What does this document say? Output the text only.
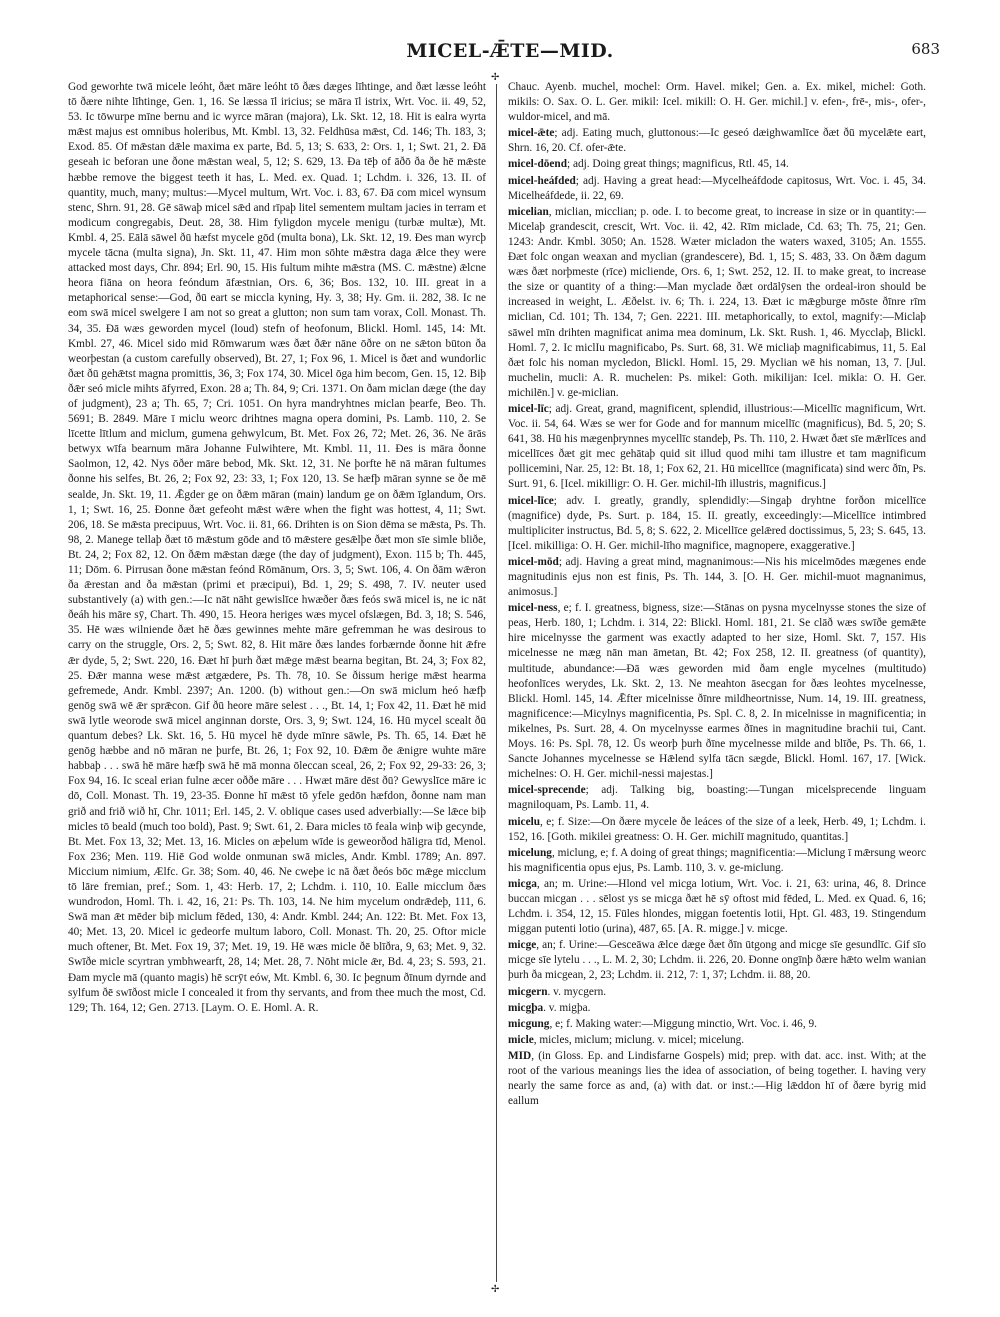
MICEL-ǢTE—MID.	683
✢
✢

God geworhte twā micele leóht, ðæt māre leóht tō ðæs dæges līhtinge, and ðæt læsse leóht tō ðære nihte līhtinge, Gen. 1, 16. Se læssa īl iricius; se māra īl istrix, Wrt. Voc. ii. 49, 52, 53. Ic tōwurpe mīne bernu and ic wyrce māran (majora), Lk. Skt. 12, 18. Hit is ealra wyrta mǣst majus est omnibus holeribus, Mt. Kmbl. 13, 32. Feldhūsa mǣst, Cd. 146; Th. 183, 3; Exod. 85. Of mǣstan dǣle maxima ex parte, Bd. 5, 13; S. 633, 2: Ors. 1, 1; Swt. 21, 2. Ðā geseah ic beforan une ðone mǣstan weal, 5, 12; S. 629, 13. Ða tēþ of āðō ða ðe hē mǣste hæbbe remove the biggest teeth it has, L. Med. ex. Quad. 1; Lchdm. i. 326, 13. II. of quantity, much, many; multus:—Mycel multum, Wrt. Voc. i. 83, 67. Ðā com micel wynsum stenc, Shrn. 91, 28. Gē sāwaþ micel sǣd and rīpaþ litel sementem multam jacies in terram et modicum congregabis, Deut. 28, 38. Him fyligdon mycele menigu (turbæ multæ), Mt. Kmbl. 4, 25. Eālā sāwel ðū hæfst mycele gōd (multa bona), Lk. Skt. 12, 19. Ðes man wyrcþ mycele tācna (multa signa), Jn. Skt. 11, 47. Him mon sōhte mǣstra daga ǣlce they were attacked most days, Chr. 894; Erl. 90, 15. His fultum mihte mǣstra (MS. C. mǣstne) ǣlcne heora fiāna on heora feóndum āfæstnian, Ors. 6, 36; Bos. 132, 10. III. great in a metaphorical sense:—God, ðū eart se miccla kyning, Hy. 3, 38; Hy. Gm. ii. 282, 38. Ic ne eom swā micel swelgere I am not so great a glutton; non sum tam vorax, Coll. Monast. Th. 34, 35. Ðā wæs geworden mycel (loud) stefn of heofonum, Blickl. Homl. 145, 14: Mt. Kmbl. 27, 46. Micel sido mid Rōmwarum wæs ðæt ðǣr nāne ōðre on ne sǣton būton ða weorþestan (a custom carefully observed), Bt. 27, 1; Fox 96, 1. Micel is ðæt and wundorlic ðæt ðū gehǣtst magna promittis, 36, 3; Fox 174, 30. Micel ōga him becom, Gen. 15, 12. Biþ ðǣr seó micle mihts āfyrred, Exon. 28 a; Th. 84, 9; Cri. 1371. On ðam miclan dæge (the day of judgment), 23 a; Th. 65, 7; Cri. 1051. On hyra mandryhtnes miclan þearfe, Beo. Th. 5691; B. 2849. Māre ī miclu weorc drihtnes magna opera domini, Ps. Lamb. 110, 2. Se līcette lītlum and miclum, gumena gehwylcum, Bt. Met. Fox 26, 72; Met. 26, 36. Ne ārās betwyx wīfa bearnum māra Johanne Fulwihtere, Mt. Kmbl. 11, 11. Ðes is māra ðonne Saolmon, 12, 42. Nys ōðer māre bebod, Mk. Skt. 12, 31. Ne þorfte hē nā māran fultumes ðonne his selfes, Bt. 26, 2; Fox 92, 23: 33, 1; Fox 120, 13. Se hæfþ māran synne se ðe mē sealde, Jn. Skt. 19, 11. Ǣgder ge on ðǣm māran (main) landum ge on ðǣm īglandum, Ors. 1, 1; Swt. 16, 25. Ðonne ðæt gefeoht mǣst wǣre when the fight was hottest, 4, 11; Swt. 206, 18. Se mǣsta precipuus, Wrt. Voc. ii. 81, 66. Drihten is on Sion dēma se mǣsta, Ps. Th. 98, 2. Manege tellaþ ðæt tō mǣstum gōde and tō mǣstere gesǣlþe ðæt mon sīe simle bliðe, Bt. 24, 2; Fox 82, 12. On ðǣm mǣstan dæge (the day of judgment), Exon. 115 b; Th. 445, 11; Dōm. 6. Pirrusan ðone mǣstan feónd Rōmānum, Ors. 3, 5; Swt. 106, 4. On ðām wǣron ða ǣrestan and ða mǣstan (primi et præcipui), Bd. 1, 29; S. 498, 7. IV. neuter used substantively (a) with gen.:—Ic nāt nāht gewislīce hwæðer ðæs feós swā micel is, ne ic nāt ðeáh his māre sȳ, Chart. Th. 490, 15. Heora heriges wæs mycel ofslægen, Bd. 3, 18; S. 546, 35. Hē wæs wilniende ðæt hē ðæs gewinnes mehte māre gefremman he was desirous to carry on the struggle, Ors. 2, 5; Swt. 82, 8. Hit māre ðæs landes forbærnde ðonne hit ǣfre ǣr dyde, 5, 2; Swt. 220, 16. Ðæt hī þurh ðæt mǣge mǣst bearna begitan, Bt. 24, 3; Fox 82, 25. Ðǣr manna wese mǣst ætgædere, Ps. Th. 78, 10. Se ðissum herige mǣst hearma gefremede, Andr. Kmbl. 2397; An. 1200. (b) without gen.:—On swā miclum heó hæfþ genōg swā wē ǣr sprǣcon. Gif ðū heore māre selest . . ., Bt. 14, 1; Fox 42, 11. Ðæt hē mid swā lytle weorode swā micel anginnan dorste, Ors. 3, 9; Swt. 124, 16. Hū mycel scealt ðū quantum debes? Lk. Skt. 16, 5. Hū mycel hē dyde mīnre sāwle, Ps. Th. 65, 14. Ðæt hē genōg hæbbe and nō māran ne þurfe, Bt. 26, 1; Fox 92, 10. Ðǣm ðe ǣnigre wuhte māre habbaþ . . . swā hē māre hæfþ swā hē mā monna ōleccan sceal, 26, 2; Fox 92, 29-33: 26, 3; Fox 94, 16. Ic sceal erian fulne æcer oððe māre . . . Hwæt māre dēst ðū? Gewyslīce māre ic dō, Coll. Monast. Th. 19, 23-35. Ðonne hī mǣst tō yfele gedōn hæfdon, ðonne nam man grið and frið wið hī, Chr. 1011; Erl. 145, 2. V. oblique cases used adverbially:—Se lǣce biþ micles tō beald (much too bold), Past. 9; Swt. 61, 2. Ðara micles tō feala winþ wiþ gecynde, Bt. Met. Fox 13, 32; Met. 13, 16. Micles on æþelum wīde is geweorðod hāligra tīd, Menol. Fox 236; Men. 119. Hiē God wolde onmunan swā micles, Andr. Kmbl. 1789; An. 897. Miccium nimium, Ælfc. Gr. 38; Som. 40, 46. Ne cweþe ic nā ðæt ðeós bōc mǣge micclum tō lāre fremian, pref.; Som. 1, 43: Herb. 17, 2; Lchdm. i. 110, 10. Ealle micclum ðæs wundrodon, Homl. Th. i. 42, 16, 21: Ps. Th. 103, 14. Ne him mycelum ondrǣdeþ, 111, 6. Swā man ǣt mēder biþ miclum fēded, 130, 4: Andr. Kmbl. 244; An. 122: Bt. Met. Fox 13, 40; Met. 13, 20. Micel ic gedeorfe multum laboro, Coll. Monast. Th. 20, 25. Oftor micle much oftener, Bt. Met. Fox 19, 37; Met. 19, 19. Hē wæs micle ðē blīðra, 9, 63; Met. 9, 32. Swīðe micle scyrtran ymbhwearft, 28, 14; Met. 28, 7. Nōht micle ǣr, Bd. 4, 23; S. 593, 21. Ðam mycle mā (quanto magis) hē scrȳt eów, Mt. Kmbl. 6, 30. Ic þegnum ðīnum dyrnde and sylfum ðē swīðost micle I concealed it from thy servants, and from thee much the most, Cd. 129; Th. 164, 12; Gen. 2713. [Laym. O. E. Homl. A. R.

Chauc. Ayenb. muchel, mochel: Orm. Havel. mikel; Gen. a. Ex. mikel, michel: Goth. mikils: O. Sax. O. L. Ger. mikil: Icel. mikill: O. H. Ger. michil.] v. efen-, frē-, mis-, ofer-, wuldor-micel, and mā.

micel-ǣte; adj. Eating much, gluttonous:—Ic geseó dæighwamlīce ðæt ðū mycelǣte eart, Shrn. 16, 20. Cf. ofer-ǣte.

micel-dōend; adj. Doing great things; magnificus, Rtl. 45, 14.

micel-heáfded; adj. Having a great head:—Mycelheáfdode capitosus, Wrt. Voc. i. 45, 34. Micelheáfdede, ii. 22, 69.

micelian, miclian, micclian; p. ode. I. to become great, to increase in size or in quantity:—Micelaþ grandescit, crescit, Wrt. Voc. ii. 42, 42. Rīm miclade, Cd. 63; Th. 75, 21; Gen. 1243: Andr. Kmbl. 3050; An. 1528. Wæter micladon the waters waxed, 3105; An. 1555. Ðæt folc ongan weaxan and myclian (grandescere), Bd. 1, 15; S. 483, 33. On ðǣm dagum wæs ðæt norþmeste (rīce) micliende, Ors. 6, 1; Swt. 252, 12. II. to make great, to increase the size or quantity of a thing:—Man myclade ðæt ordālȳsen the ordeal-iron should be increased in weight, L. Æðelst. iv. 6; Th. i. 224, 13. Ðæt ic mǣgburge mōste ðīnre rīm miclian, Cd. 101; Th. 134, 7; Gen. 2221. III. metaphorically, to extol, magnify:—Miclaþ sāwel mīn drihten magnificat anima mea dominum, Lk. Skt. Rush. 1, 46. Mycclaþ, Blickl. Homl. 7, 2. Ic miclIu magnificabo, Ps. Surt. 68, 31. Wē micliaþ magnificabimus, 11, 5. Eal ðæt folc his noman mycledon, Blickl. Homl. 15, 29. Myclian wē his noman, 13, 7. [Jul. muchelin, mucli: A. R. muchelen: Ps. mikel: Goth. mikilijan: Icel. mikla: O. H. Ger. michilēn.] v. ge-miclian.

micel-līc; adj. Great, grand, magnificent, splendid, illustrious:—Micellīc magnificum, Wrt. Voc. ii. 54, 64. Wæs se wer for Gode and for mannum micellīc (magnificus), Bd. 5, 20; S. 641, 38. Hū his mægenþrynnes mycellīc standeþ, Ps. Th. 110, 2. Hwæt ðæt sīe mǣrlīces and micellīces ðæt git mec gehātaþ quid sit illud quod mihi tam illustre et tam magnificum pollicemini, Nar. 25, 12: Bt. 18, 1; Fox 62, 21. Hū micellīce (magnificata) sind werc ðīn, Ps. Surt. 91, 6. [Icel. mikilligr: O. H. Ger. michil-līh illustris, magnificus.]

micel-līce; adv. I. greatly, grandly, splendidly:—Singaþ dryhtne forðon micellīce (magnifice) dyde, Ps. Surt. p. 184, 15. II. greatly, exceedingly:—Micellīce intimbred multipliciter instructus, Bd. 5, 8; S. 622, 2. Micellīce gelǣred doctissimus, 5, 23; S. 645, 13. [Icel. mikilliga: O. H. Ger. michil-līho magnifice, magnopere, exaggerative.]

micel-mōd; adj. Having a great mind, magnanimous:—Nis his micelmōdes mægenes ende magnitudinis ejus non est finis, Ps. Th. 144, 3. [O. H. Ger. michil-muot magnanimus, animosus.]

micel-ness, e; f. I. greatness, bigness, size:—Stānas on pysna mycelnysse stones the size of peas, Herb. 180, 1; Lchdm. i. 314, 22: Blickl. Homl. 181, 21. Se clāð wæs swīðe gemǣte hire micelnysse the garment was exactly adapted to her size, Homl. Skt. 7, 157. His micelnesse ne mæg nān man āmetan, Bt. 42; Fox 258, 12. II. greatness (of quantity), multitude, abundance:—Ðā wæs geworden mid ðam engle mycelnes (multitudo) heofonlīces werydes, Lk. Skt. 2, 13. Ne meahton āsecgan for ðæs leohtes mycelnesse, Blickl. Homl. 145, 14. Ǣfter micelnisse ðīnre mildheortnisse, Num. 14, 19. III. greatness, magnificence:—Micylnys magnificentia, Ps. Spl. C. 8, 2. In micelnisse in magnificentia; in mikelnes, Ps. Surt. 28, 4. On mycelnysse earmes ðīnes in magnitudine brachii tui, Cant. Moys. 16: Ps. Spl. 78, 12. Ūs weorþ þurh ðīne mycelnesse milde and blīðe, Ps. Th. 66, 1. Sancte Johannes mycelnesse se Hǣlend sylfa tācn sægde, Blickl. Homl. 167, 17. [Wick. michelnes: O. H. Ger. michil-nessi majestas.]

micel-sprecende; adj. Talking big, boasting:—Tungan micelsprecende linguam magniloquam, Ps. Lamb. 11, 4.

micelu, e; f. Size:—On ðære mycele ðe leáces of the size of a leek, Herb. 49, 1; Lchdm. i. 152, 16. [Goth. mikilei greatness: O. H. Ger. michilī magnitudo, quantitas.]

micelung, miclung, e; f. A doing of great things; magnificentia:—Miclung ī mǣrsung weorc his magnificentia opus ejus, Ps. Lamb. 110, 3. v. ge-miclung.

micga, an; m. Urine:—Hlond vel micga lotium, Wrt. Voc. i. 21, 63: urina, 46, 8. Drince buccan micgan . . . sēlost ys se micga ðæt hē sȳ oftost mid fēded, L. Med. ex Quad. 6, 16; Lchdm. i. 354, 12, 15. Fūles hlondes, miggan foetentis lotii, Hpt. Gl. 483, 19. Stingendum miggan putenti lotio (urina), 487, 65. [A. R. migge.] v. micge.

micge, an; f. Urine:—Gesceāwa ǣlce dæge ðæt ðīn ūtgong and micge sīe gesundlīc. Gif sīo micge sīe lytelu . . ., L. M. 2, 30; Lchdm. ii. 226, 20. Ðonne ongīnþ ðære hǣto welm wanian þurh ða micgean, 2, 23; Lchdm. ii. 212, 7: 1, 37; Lchdm. ii. 88, 20.

micgern. v. mycgern.

micgþa. v. migþa.

micgung, e; f. Making water:—Miggung minctio, Wrt. Voc. i. 46, 9.

micle, micles, miclum; miclung. v. micel; micelung.

MID, (in Gloss. Ep. and Lindisfarne Gospels) mid; prep. with dat. acc. inst. With; at the root of the various meanings lies the idea of association, of being together. I. having very nearly the same force as and, (a) with dat. or inst.:—Hig lǣddon hī of ðære byrig mid eallum
